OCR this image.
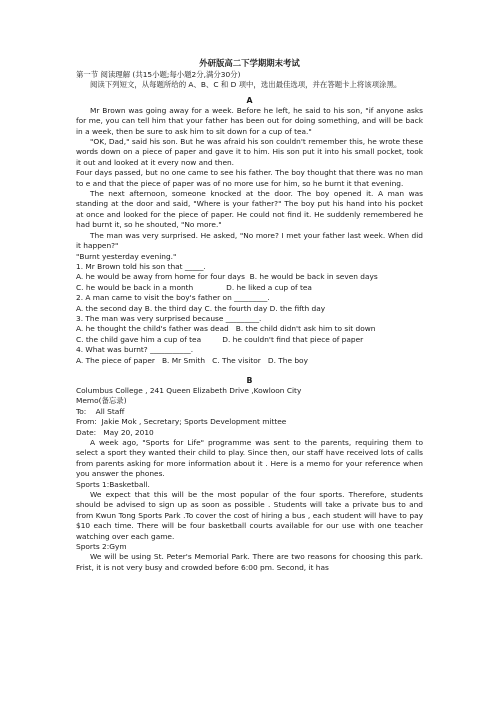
外研版高二下学期期末考试
第一节 阅读理解 (共15小题;每小题2分,满分30分)

阅读下列短文，从每题所给的 A、B、C 和 D 项中，选出最佳选项，并在答题卡上将该项涂黑。

A

Mr Brown was going away for a week. Before he left, he said to his son, "if anyone asks for me, you can tell him that your father has been out for doing something, and will be back in a week, then be sure to ask him to sit down for a cup of tea."

"OK, Dad," said his son. But he was afraid his son couldn't remember this, he wrote these words down on a piece of paper and gave it to him. His son put it into his small pocket, took it out and looked at it every now and then.

Four days passed, but no one came to see his father. The boy thought that there was no man to e and that the piece of paper was of no more use for him, so he burnt it that evening.

The next afternoon, someone knocked at the door. The boy opened it. A man was standing at the door and said, "Where is your father?" The boy put his hand into his pocket at once and looked for the piece of paper. He could not find it. He suddenly remembered he had burnt it, so he shouted, "No more."

The man was very surprised. He asked, "No more? I met your father last week. When did it happen?"

"Burnt yesterday evening."

1. Mr Brown told his son that _____.
A. he would be away from home for four days  B. he would be back in seven days
C. he would be back in a month              D. he liked a cup of tea
2. A man came to visit the boy's father on _________.
A. the second day B. the third day C. the fourth day D. the fifth day
3. The man was very surprised because _________.
A. he thought the child's father was dead   B. the child didn't ask him to sit down
C. the child gave him a cup of tea         D. he couldn't find that piece of paper
4. What was burnt? ___________.
A. The piece of paper   B. Mr Smith   C. The visitor   D. The boy
B
Columbus College , 241 Queen Elizabeth Drive ,Kowloon City
Memo(备忘录)
To:    All Staff
From:  Jakie Mok , Secretary; Sports Development mittee
Date:   May 20, 2010

A week ago, "Sports for Life" programme was sent to the parents, requiring them to select a sport they wanted their child to play. Since then, our staff have received lots of calls from parents asking for more information about it . Here is a memo for your reference when you answer the phones.

Sports 1:Basketball.

We expect that this will be the most popular of the four sports. Therefore, students should be advised to sign up as soon as possible . Students will take a private bus to and from Kwun Tong Sports Park .To cover the cost of hiring a bus , each student will have to pay $10 each time. There will be four basketball courts available for our use with one teacher watching over each game.

Sports 2:Gym

We will be using St. Peter's Memorial Park. There are two reasons for choosing this park. Frist, it is not very busy and crowded before 6:00 pm. Second, it has
